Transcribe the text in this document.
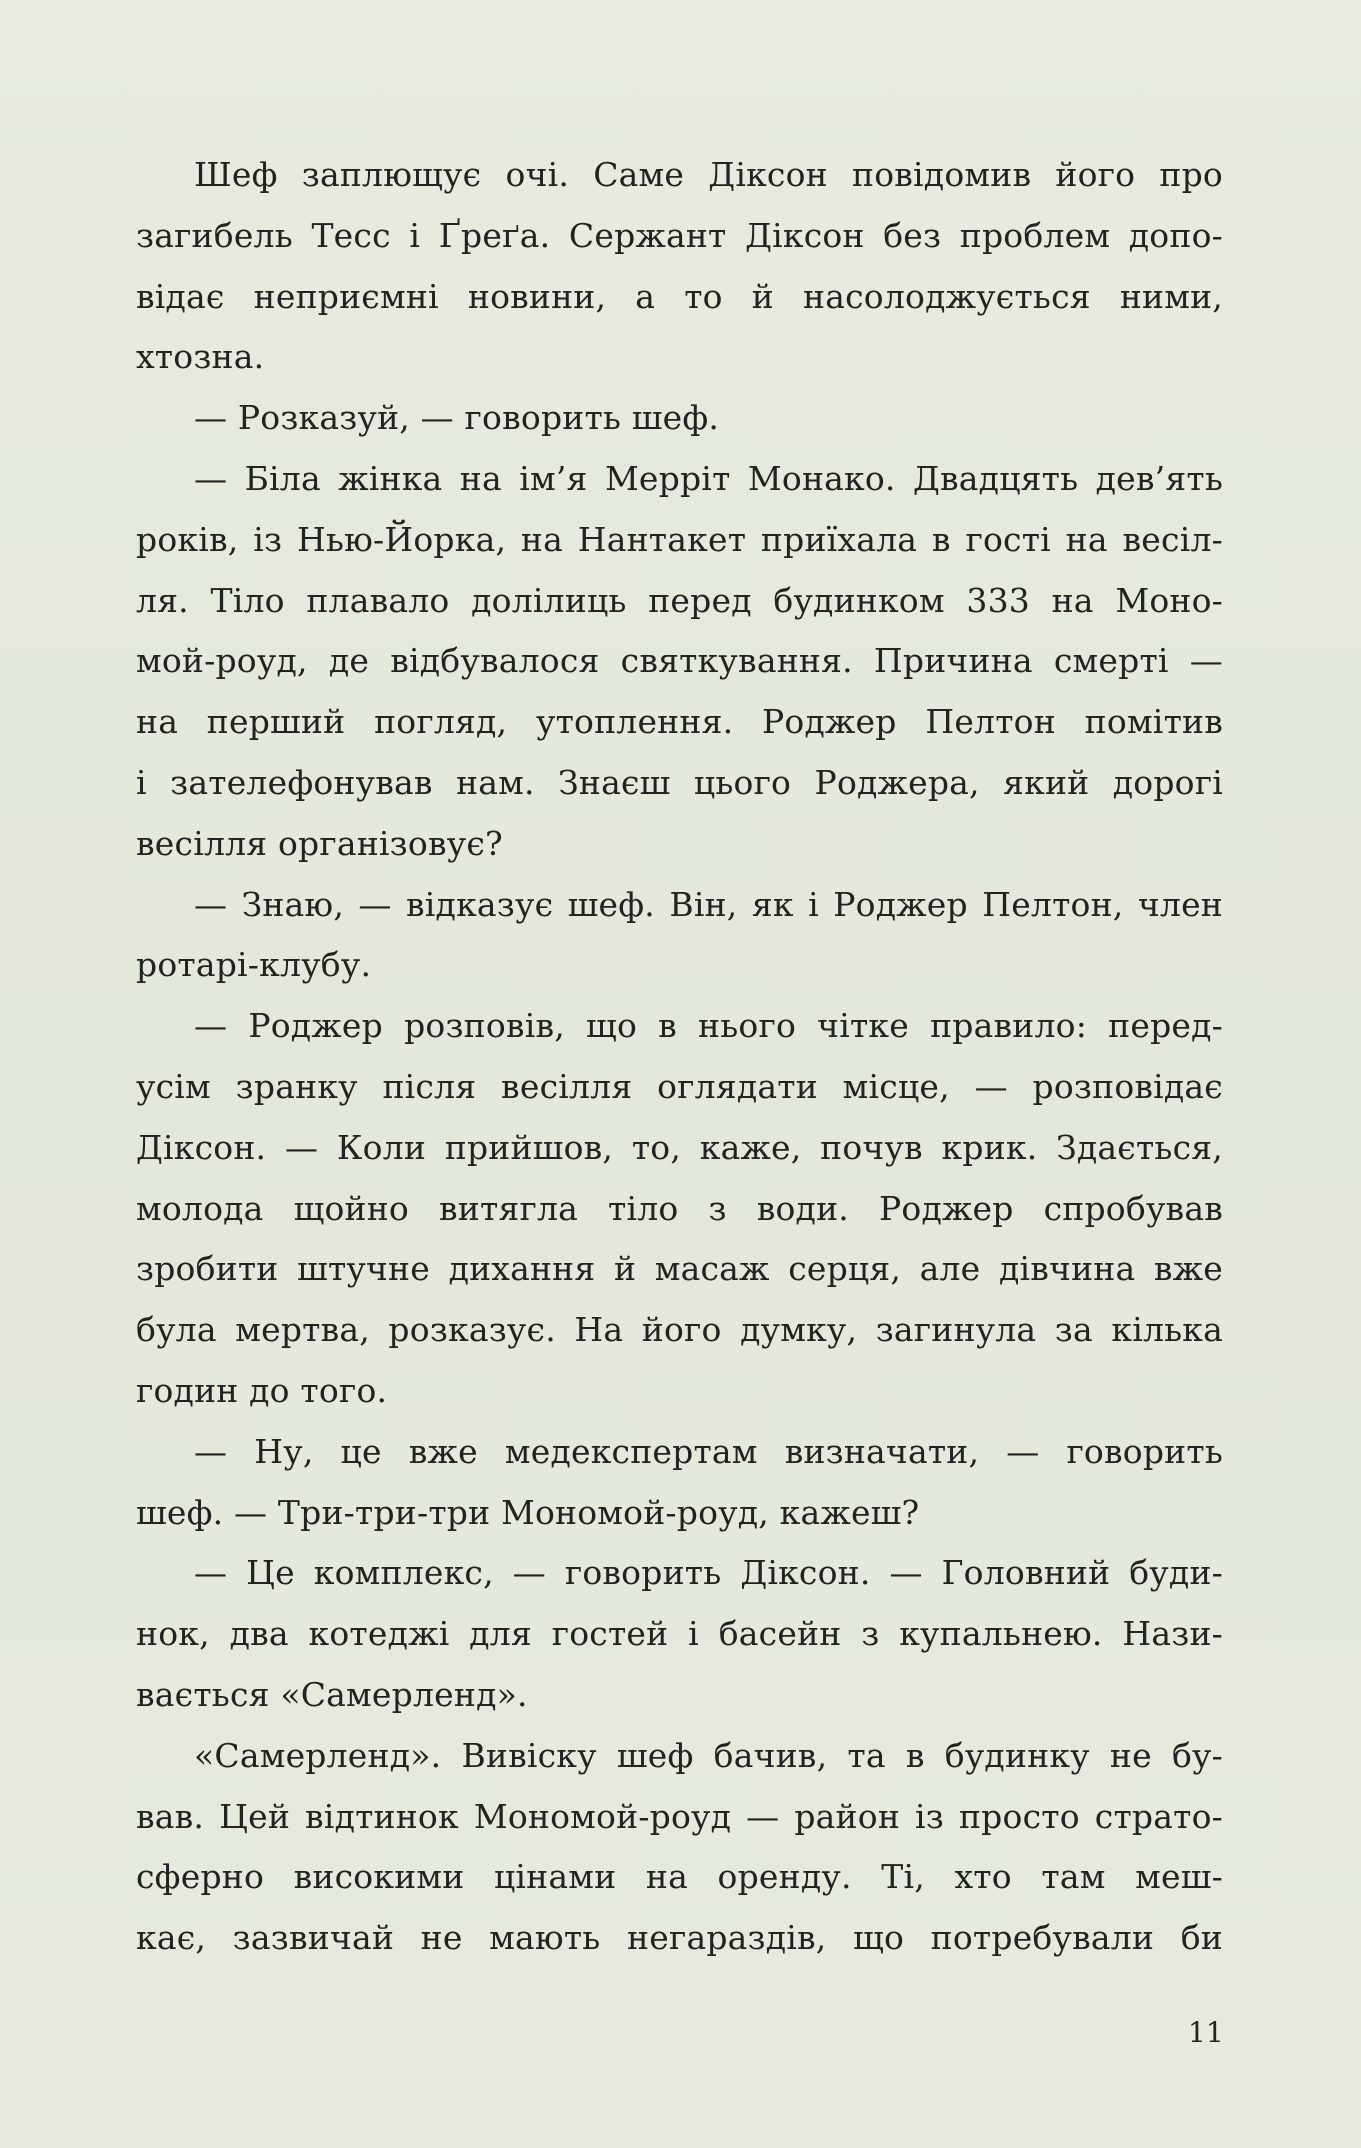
Шеф заплющує очі. Саме Діксон повідомив його про
загибель Тесс і Ґреґа. Сержант Діксон без проблем допо-
відає неприємні новини, а то й насолоджується ними,
хтозна.
— Розказуй, — говорить шеф.
— Біла жінка на ім’я Меррiт Монако. Двадцять дев’ять
років, із Нью-Йорка, на Нантакет приїхала в гості на весіл-
ля. Тіло плавало долілиць перед будинком 333 на Моно-
мой-роуд, де відбувалося святкування. Причина смерті —
на перший погляд, утоплення. Роджер Пелтон помітив
і зателефонував нам. Знаєш цього Роджера, який дорогі
весілля організовує?
— Знаю, — відказує шеф. Він, як і Роджер Пелтон, член
ротарі-клубу.
— Роджер розповів, що в нього чітке правило: перед-
усім зранку після весілля оглядати місце, — розповідає
Діксон. — Коли прийшов, то, каже, почув крик. Здається,
молода щойно витягла тіло з води. Роджер спробував
зробити штучне дихання й масаж серця, але дівчина вже
була мертва, розказує. На його думку, загинула за кілька
годин до того.
— Ну, це вже медекспертам визначати, — говорить
шеф. — Три-три-три Мономой-роуд, кажеш?
— Це комплекс, — говорить Діксон. — Головний буди-
нок, два котеджі для гостей і басейн з купальнею. Нази-
вається «Самерленд».
«Самерленд». Вивіску шеф бачив, та в будинку не бу-
вав. Цей відтинок Мономой-роуд — район із просто страто-
сферно високими цінами на оренду. Ті, хто там меш-
кає, зазвичай не мають негараздів, що потребували би
11
